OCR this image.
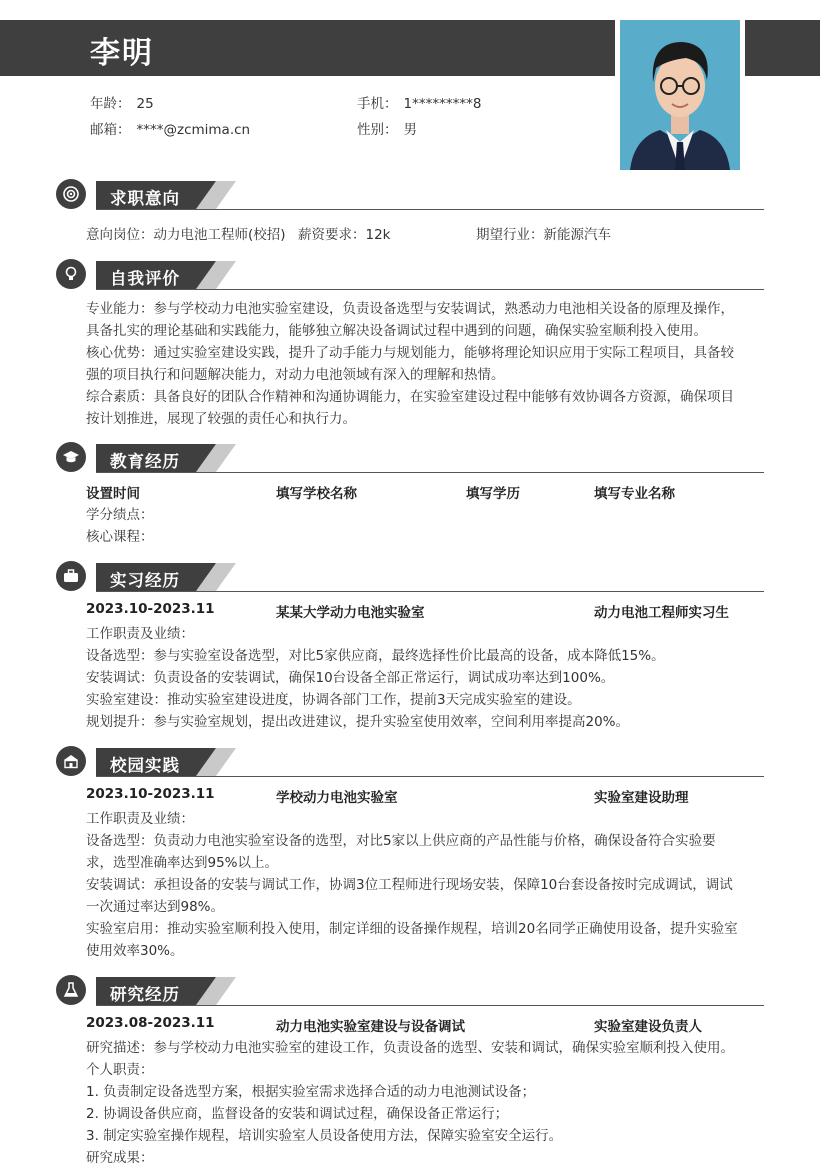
李明
年龄： 25	手机： 1*********8
邮箱： ****@zcmima.cn	性别： 男
求职意向
意向岗位：动力电池工程师(校招) 薪资要求：12k	期望行业：新能源汽车
自我评价
专业能力：参与学校动力电池实验室建设，负责设备选型与安装调试，熟悉动力电池相关设备的原理及操作，
具备扎实的理论基础和实践能力，能够独立解决设备调试过程中遇到的问题，确保实验室顺利投入使用。
核心优势：通过实验室建设实践，提升了动手能力与规划能力，能够将理论知识应用于实际工程项目，具备较
强的项目执行和问题解决能力，对动力电池领域有深入的理解和热情。
综合素质：具备良好的团队合作精神和沟通协调能力，在实验室建设过程中能够有效协调各方资源，确保项目
按计划推进，展现了较强的责任心和执行力。
教育经历
设置时间	填写学校名称	填写学历	填写专业名称
学分绩点：
核心课程：
实习经历
2023.10-2023.11	某某大学动力电池实验室	动力电池工程师实习生
工作职责及业绩：
设备选型：参与实验室设备选型，对比5家供应商，最终选择性价比最高的设备，成本降低15%。
安装调试：负责设备的安装调试，确保10台设备全部正常运行，调试成功率达到100%。
实验室建设：推动实验室建设进度，协调各部门工作，提前3天完成实验室的建设。
规划提升：参与实验室规划，提出改进建议，提升实验室使用效率，空间利用率提高20%。
校园实践
2023.10-2023.11	学校动力电池实验室	实验室建设助理
工作职责及业绩：
设备选型：负责动力电池实验室设备的选型，对比5家以上供应商的产品性能与价格，确保设备符合实验要
求，选型准确率达到95%以上。
安装调试：承担设备的安装与调试工作，协调3位工程师进行现场安装，保障10台套设备按时完成调试，调试
一次通过率达到98%。
实验室启用：推动实验室顺利投入使用，制定详细的设备操作规程，培训20名同学正确使用设备，提升实验室
使用效率30%。
研究经历
2023.08-2023.11	动力电池实验室建设与设备调试	实验室建设负责人
研究描述：参与学校动力电池实验室的建设工作，负责设备的选型、安装和调试，确保实验室顺利投入使用。
个人职责：
1. 负责制定设备选型方案，根据实验室需求选择合适的动力电池测试设备；
2. 协调设备供应商，监督设备的安装和调试过程，确保设备正常运行；
3. 制定实验室操作规程，培训实验室人员设备使用方法，保障实验室安全运行。
研究成果：
